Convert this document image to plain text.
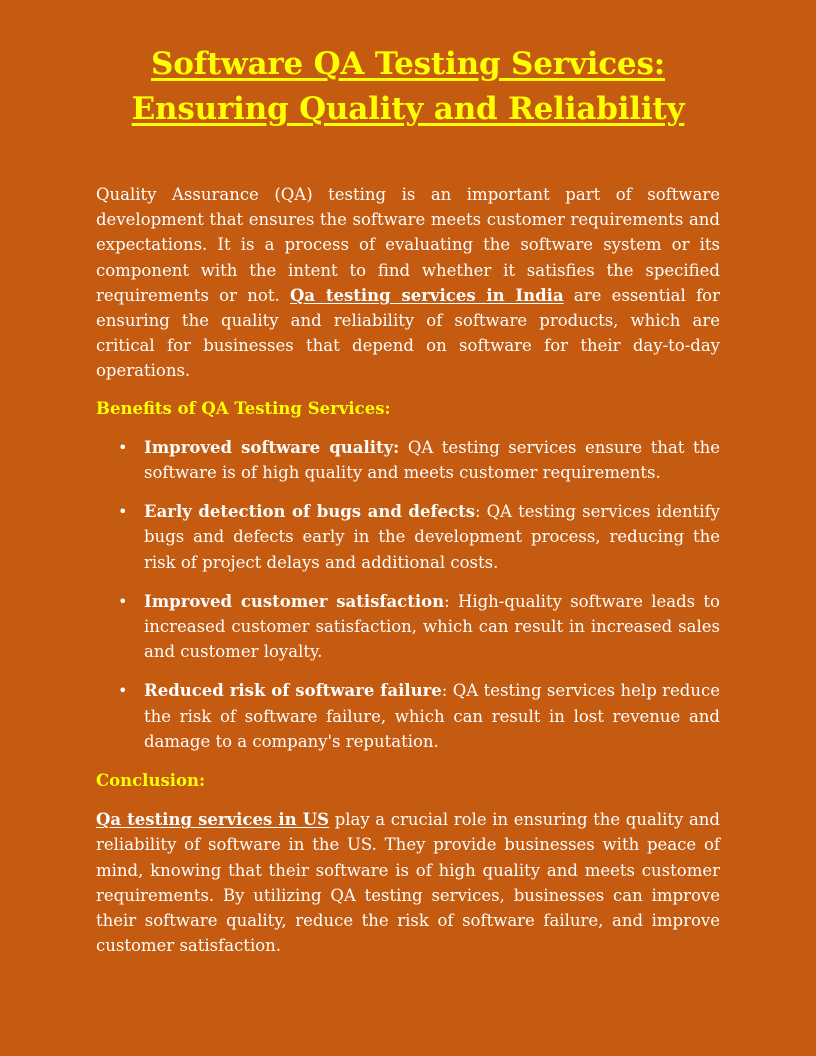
Software QA Testing Services: Ensuring Quality and Reliability

Quality Assurance (QA) testing is an important part of software development that ensures the software meets customer requirements and expectations. It is a process of evaluating the software system or its component with the intent to find whether it satisfies the specified requirements or not. Qa testing services in India are essential for ensuring the quality and reliability of software products, which are critical for businesses that depend on software for their day-to-day operations.

Benefits of QA Testing Services:

• Improved software quality: QA testing services ensure that the software is of high quality and meets customer requirements.
• Early detection of bugs and defects: QA testing services identify bugs and defects early in the development process, reducing the risk of project delays and additional costs.
• Improved customer satisfaction: High-quality software leads to increased customer satisfaction, which can result in increased sales and customer loyalty.
• Reduced risk of software failure: QA testing services help reduce the risk of software failure, which can result in lost revenue and damage to a company's reputation.

Conclusion:

Qa testing services in US play a crucial role in ensuring the quality and reliability of software in the US. They provide businesses with peace of mind, knowing that their software is of high quality and meets customer requirements. By utilizing QA testing services, businesses can improve their software quality, reduce the risk of software failure, and improve customer satisfaction.
